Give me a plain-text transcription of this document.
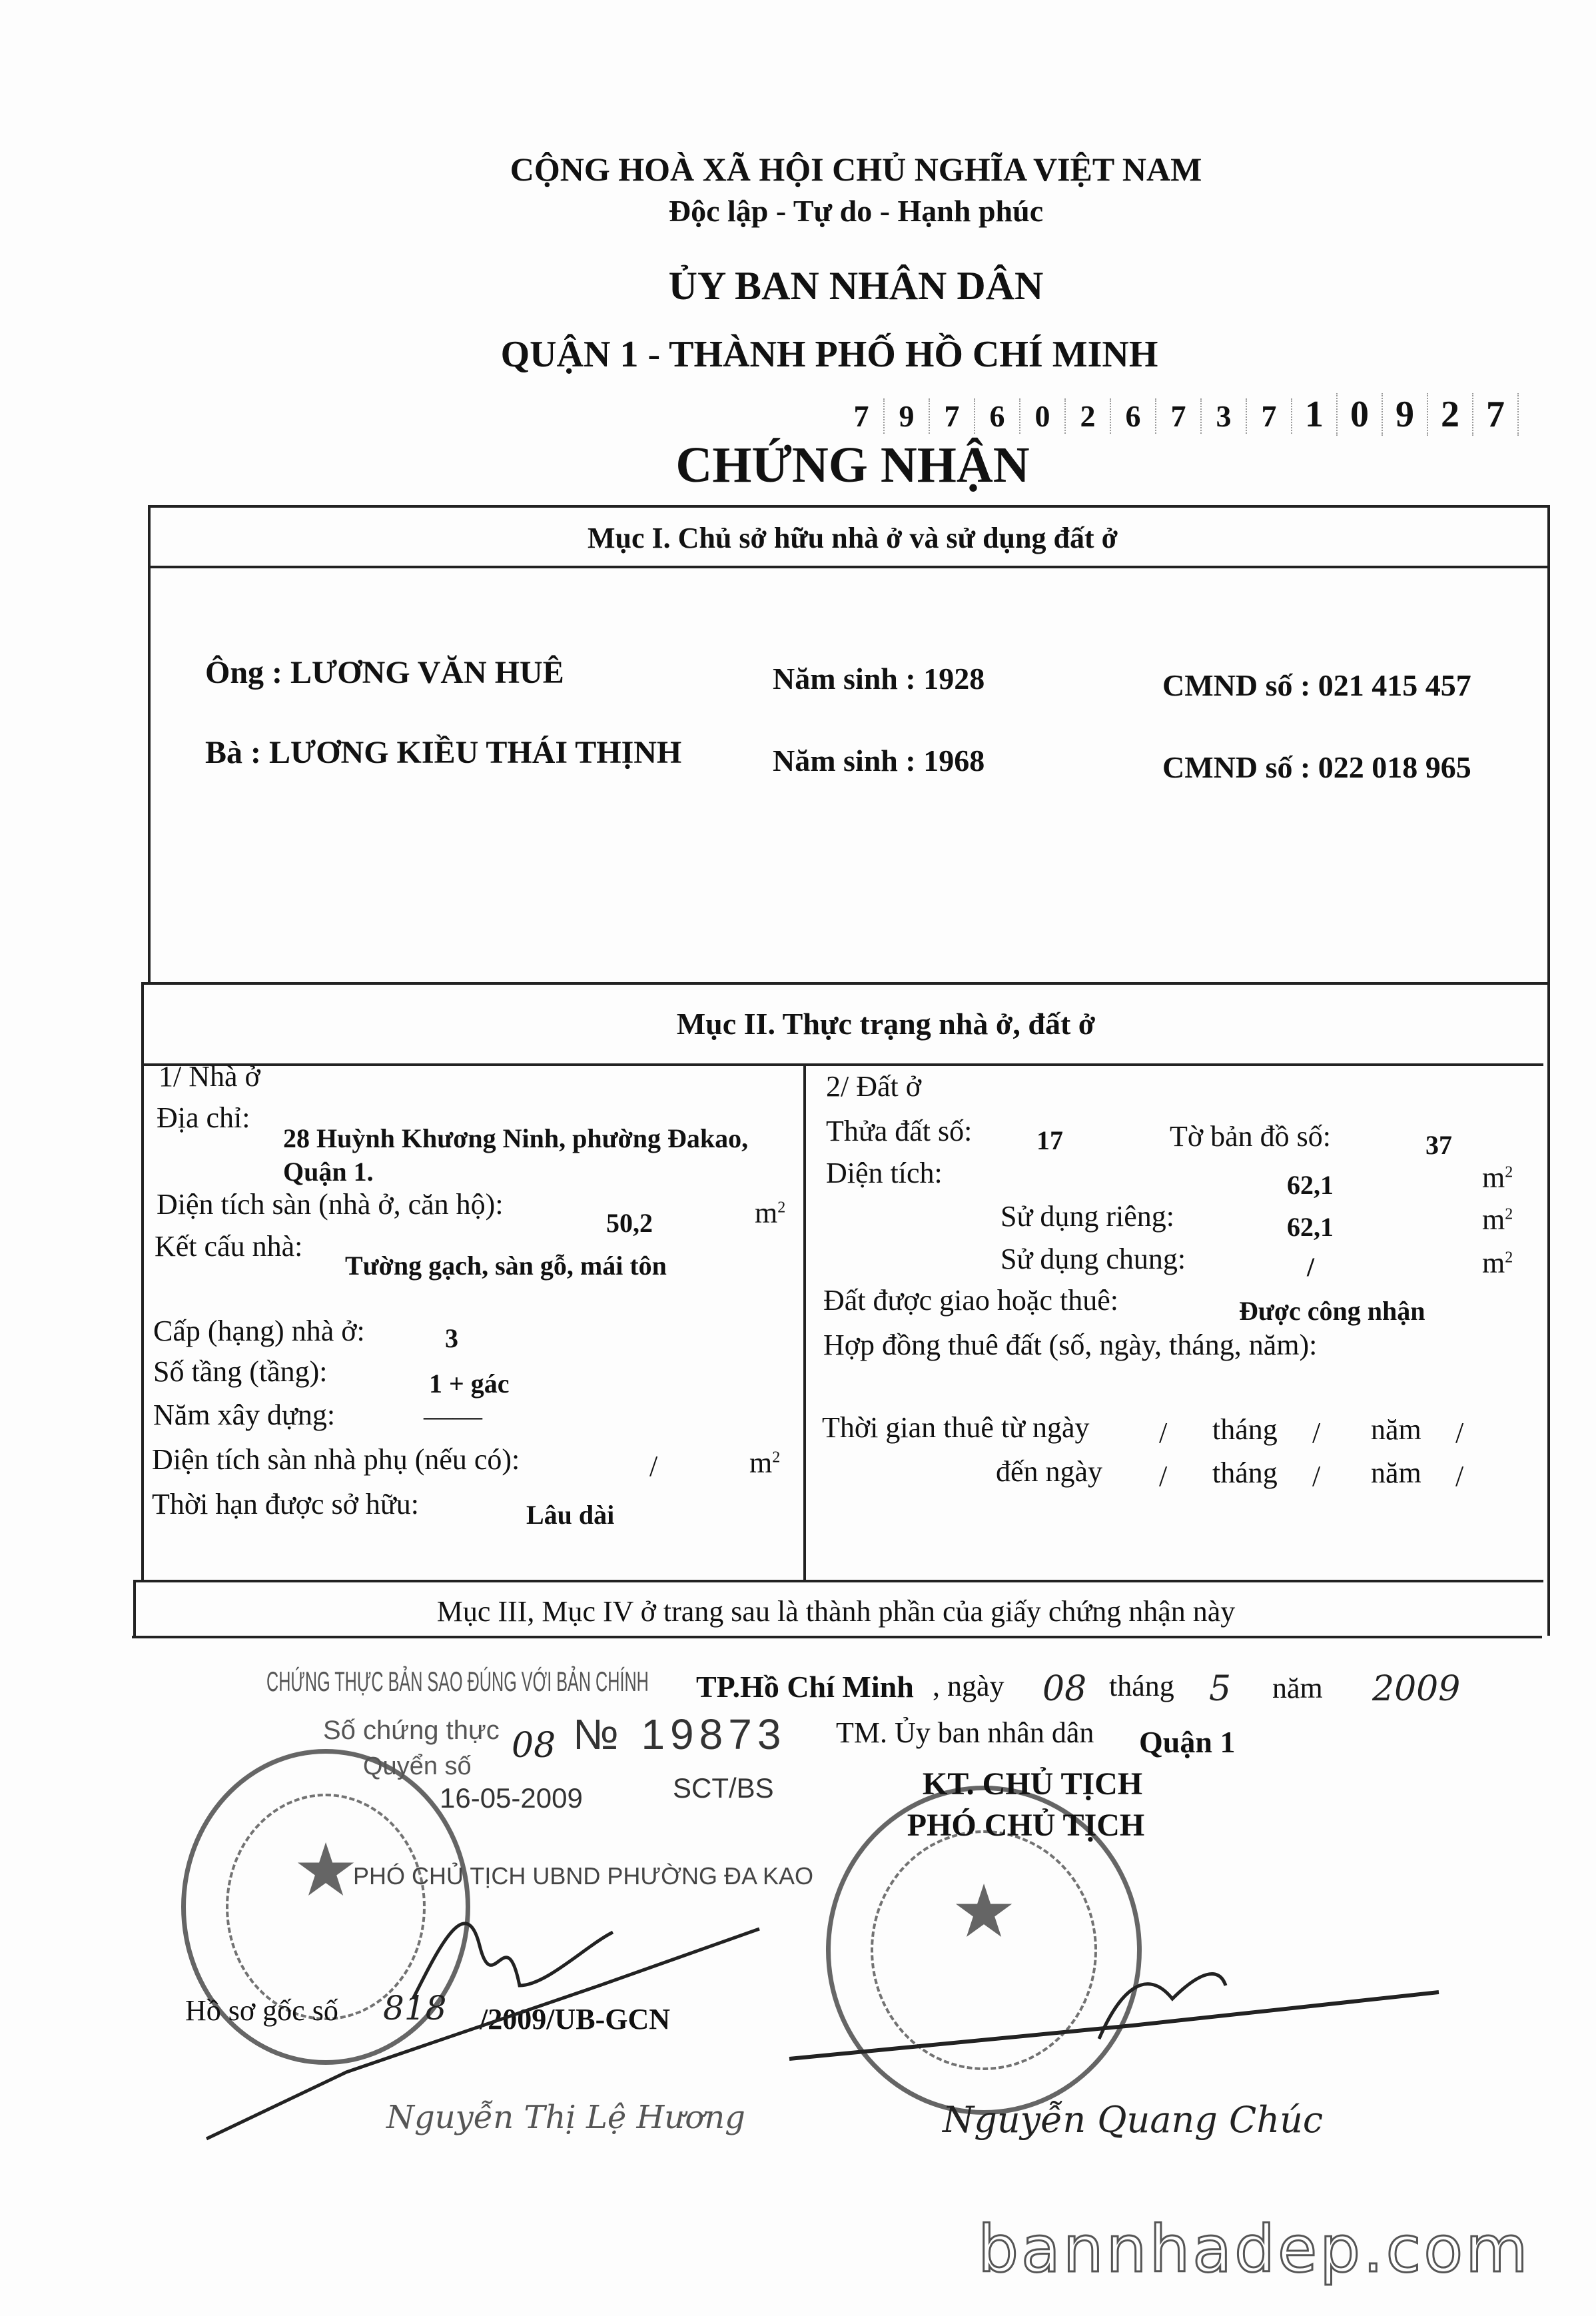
CỘNG HOÀ XÃ HỘI CHỦ NGHĨA VIỆT NAM
Độc lập - Tự do - Hạnh phúc
ỦY BAN NHÂN DÂN
QUẬN 1 - THÀNH PHỐ HỒ CHÍ MINH
7 9 7 6 0 2 6 7 3 7 1 0 9 2 7
CHỨNG NHẬN
Mục I. Chủ sở hữu nhà ở và sử dụng đất ở
Ông : LƯƠNG VĂN HUÊ	Năm sinh : 1928	CMND số : 021 415 457
Bà : LƯƠNG KIỀU THÁI THỊNH	Năm sinh : 1968	CMND số : 022 018 965
Mục II. Thực trạng nhà ở, đất ở
1/ Nhà ở
Địa chỉ:
28 Huỳnh Khương Ninh, phường Đakao,
Quận 1.
Diện tích sàn (nhà ở, căn hộ):
50,2	$m^2$
Kết cấu nhà:
Tường gạch, sàn gỗ, mái tôn
Cấp (hạng) nhà ở:	3
Số tầng (tầng):	1 + gác
Năm xây dựng:	——
Diện tích sàn nhà phụ (nếu có):	/	$m^2$
Thời hạn được sở hữu:	Lâu dài
2/ Đất ở
Thửa đất số: 17	Tờ bản đồ số:	37
Diện tích:	62,1	$m^2$
Sử dụng riêng:	62,1	$m^2$
Sử dụng chung:	/	$m^2$
Đất được giao hoặc thuê:	Được công nhận
Hợp đồng thuê đất (số, ngày, tháng, năm):
Thời gian thuê từ ngày / tháng / năm /
đến ngày / tháng / năm /
Mục III, Mục IV ở trang sau là thành phần của giấy chứng nhận này
★
★
CHỨNG THỰC BẢN SAO ĐÚNG VỚI BẢN CHÍNH
№ 19873
Số chứng thực
Quyển số
08
16-05-2009	SCT/BS
PHÓ CHỦ TỊCH UBND PHƯỜNG ĐA KAO
Nguyễn Thị Lệ Hương
TP.Hồ Chí Minh , ngày 08 tháng 5 năm 2009
TM. Ủy ban nhân dân Quận 1
KT. CHỦ TỊCH
PHÓ CHỦ TỊCH
Hồ sơ gốc số 818 /2009/UB-GCN
Nguyễn Quang Chúc
bannhadep.com
